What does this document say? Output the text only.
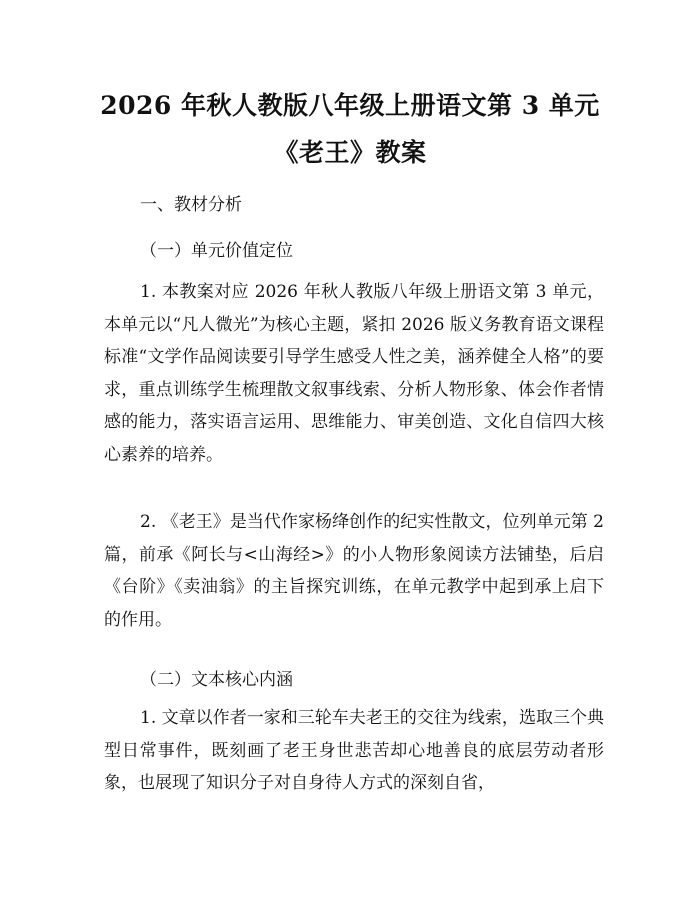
2026 年秋人教版八年级上册语文第 3 单元
《老王》教案
一、教材分析
（一）单元价值定位
1. 本教案对应 2026 年秋人教版八年级上册语文第 3 单元，本单元以“凡人微光”为核心主题，紧扣 2026 版义务教育语文课程标准“文学作品阅读要引导学生感受人性之美，涵养健全人格”的要求，重点训练学生梳理散文叙事线索、分析人物形象、体会作者情感的能力，落实语言运用、思维能力、审美创造、文化自信四大核心素养的培养。
2. 《老王》是当代作家杨绛创作的纪实性散文，位列单元第 2 篇，前承《阿长与<山海经>》的小人物形象阅读方法铺垫，后启《台阶》《卖油翁》的主旨探究训练，在单元教学中起到承上启下的作用。
（二）文本核心内涵
1. 文章以作者一家和三轮车夫老王的交往为线索，选取三个典型日常事件，既刻画了老王身世悲苦却心地善良的底层劳动者形象，也展现了知识分子对自身待人方式的深刻自省，
